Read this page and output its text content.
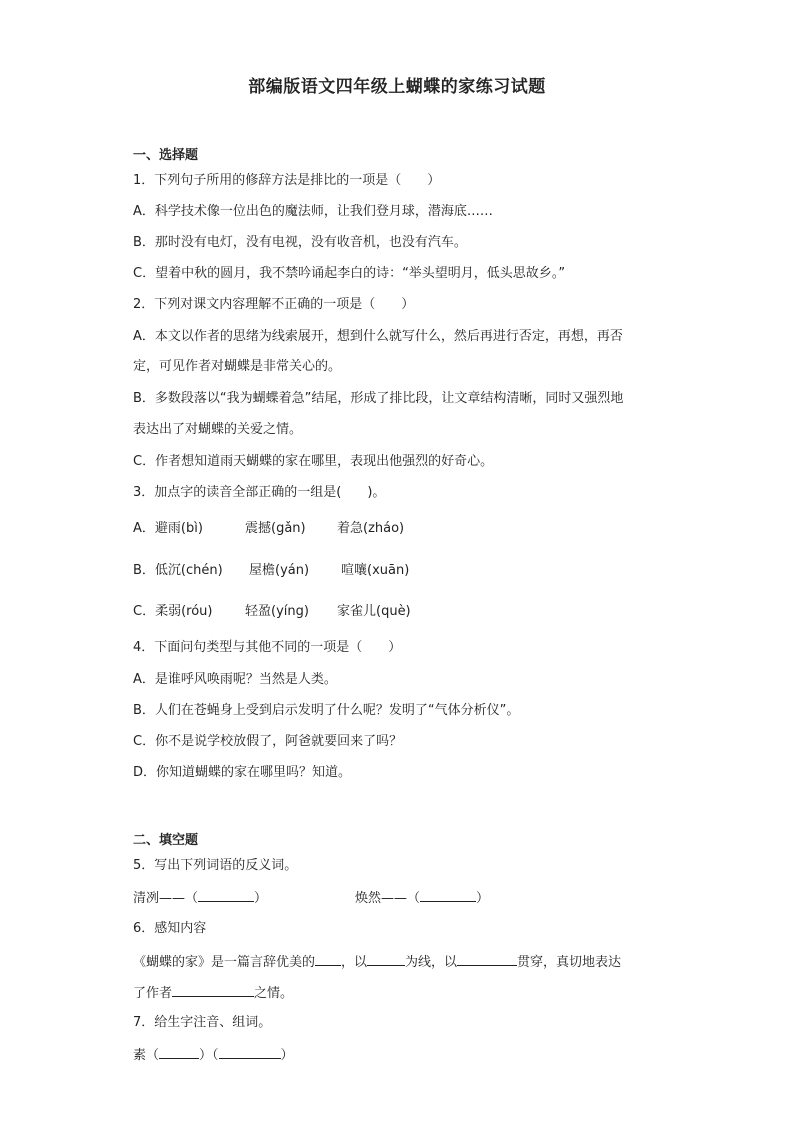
部编版语文四年级上蝴蝶的家练习试题
一、选择题
1．下列句子所用的修辞方法是排比的一项是（　　）
A．科学技术像一位出色的魔法师，让我们登月球，潜海底……
B．那时没有电灯，没有电视，没有收音机，也没有汽车。
C．望着中秋的圆月，我不禁吟诵起李白的诗：“举头望明月，低头思故乡。”
2．下列对课文内容理解不正确的一项是（　　）
A．本文以作者的思绪为线索展开，想到什么就写什么，然后再进行否定，再想，再否
定，可见作者对蝴蝶是非常关心的。
B．多数段落以“我为蝴蝶着急”结尾，形成了排比段，让文章结构清晰，同时又强烈地
表达出了对蝴蝶的关爱之情。
C．作者想知道雨天蝴蝶的家在哪里，表现出他强烈的好奇心。
3．加点字的读音全部正确的一组是(　　)。
A．避雨(bì)	震撼(gǎn) 着急(zháo)
B．低沉(chén) 屋檐(yán) 喧嚷(xuān)
C．柔弱(róu)	轻盈(yíng) 家雀儿(què)
4．下面问句类型与其他不同的一项是（　　）
A．是谁呼风唤雨呢？当然是人类。
B．人们在苍蝇身上受到启示发明了什么呢？发明了“气体分析仪”。
C．你不是说学校放假了，阿爸就要回来了吗？
D．你知道蝴蝶的家在哪里吗？知道。
二、填空题
5．写出下列词语的反义词。
清冽——（	）	焕然——（	）
6．感知内容
《蝴蝶的家》是一篇言辞优美的 ，以	为线，以	贯穿，真切地表达
了作者	之情。
7．给生字注音、组词。
素（	）（	）
